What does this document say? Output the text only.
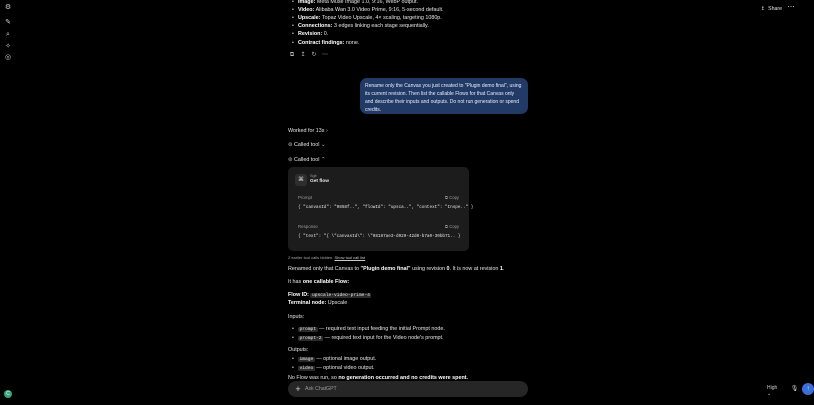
⚙
✎
⌕
✧
◎
C
↥ Share ⋯
• Image: Meta Muse Image 1.0, 9:16, WebP output.
• Video: Alibaba Wan 3.0 Video Prime, 9:16, 5-second default.
• Upscale: Topaz Video Upscale, 4× scaling, targeting 1080p.
• Connections: 3 edges linking each stage sequentially.
• Revision: 0.
• Contract findings: none.
⧉	↥ ↻ ⋯
Rename only the Canvas you just created to "Plugin demo final", using its current revision. Then list the callable Flows for that Canvas only and describe their inputs and outputs. Do not run generation or spend credits.
Worked for 13s ›
⊚ Called tool ⌄
⊚ Called tool ⌃
⌘
Sgit
Get flow
Prompt	⧉ Copy
{ "canvasId": "9858f..", "flowId": "upsca..", "context": "Inspe.." }
Response	⧉ Copy
{ "text": "{ \"canvasId\": \"98187ae3-d929-42d0-b7a0-30bb71.. }
2 earlier tool calls hidden. Show tool call list
Renamed only that Canvas to "Plugin demo final" using revision 0. It is now at revision 1.
It has one callable Flow:
Flow ID: upscale-video-prime-4
Terminal node: Upscale
Inputs:
• prompt — required text input feeding the initial Prompt node.
• prompt-2 — required text input for the Video node's prompt.
Outputs:
• image — optional image output.
• video — optional video output.
No Flow was run, so no generation occurred and no credits were spent.
+
Ask ChatGPT	High ⌄
🎙	↑
